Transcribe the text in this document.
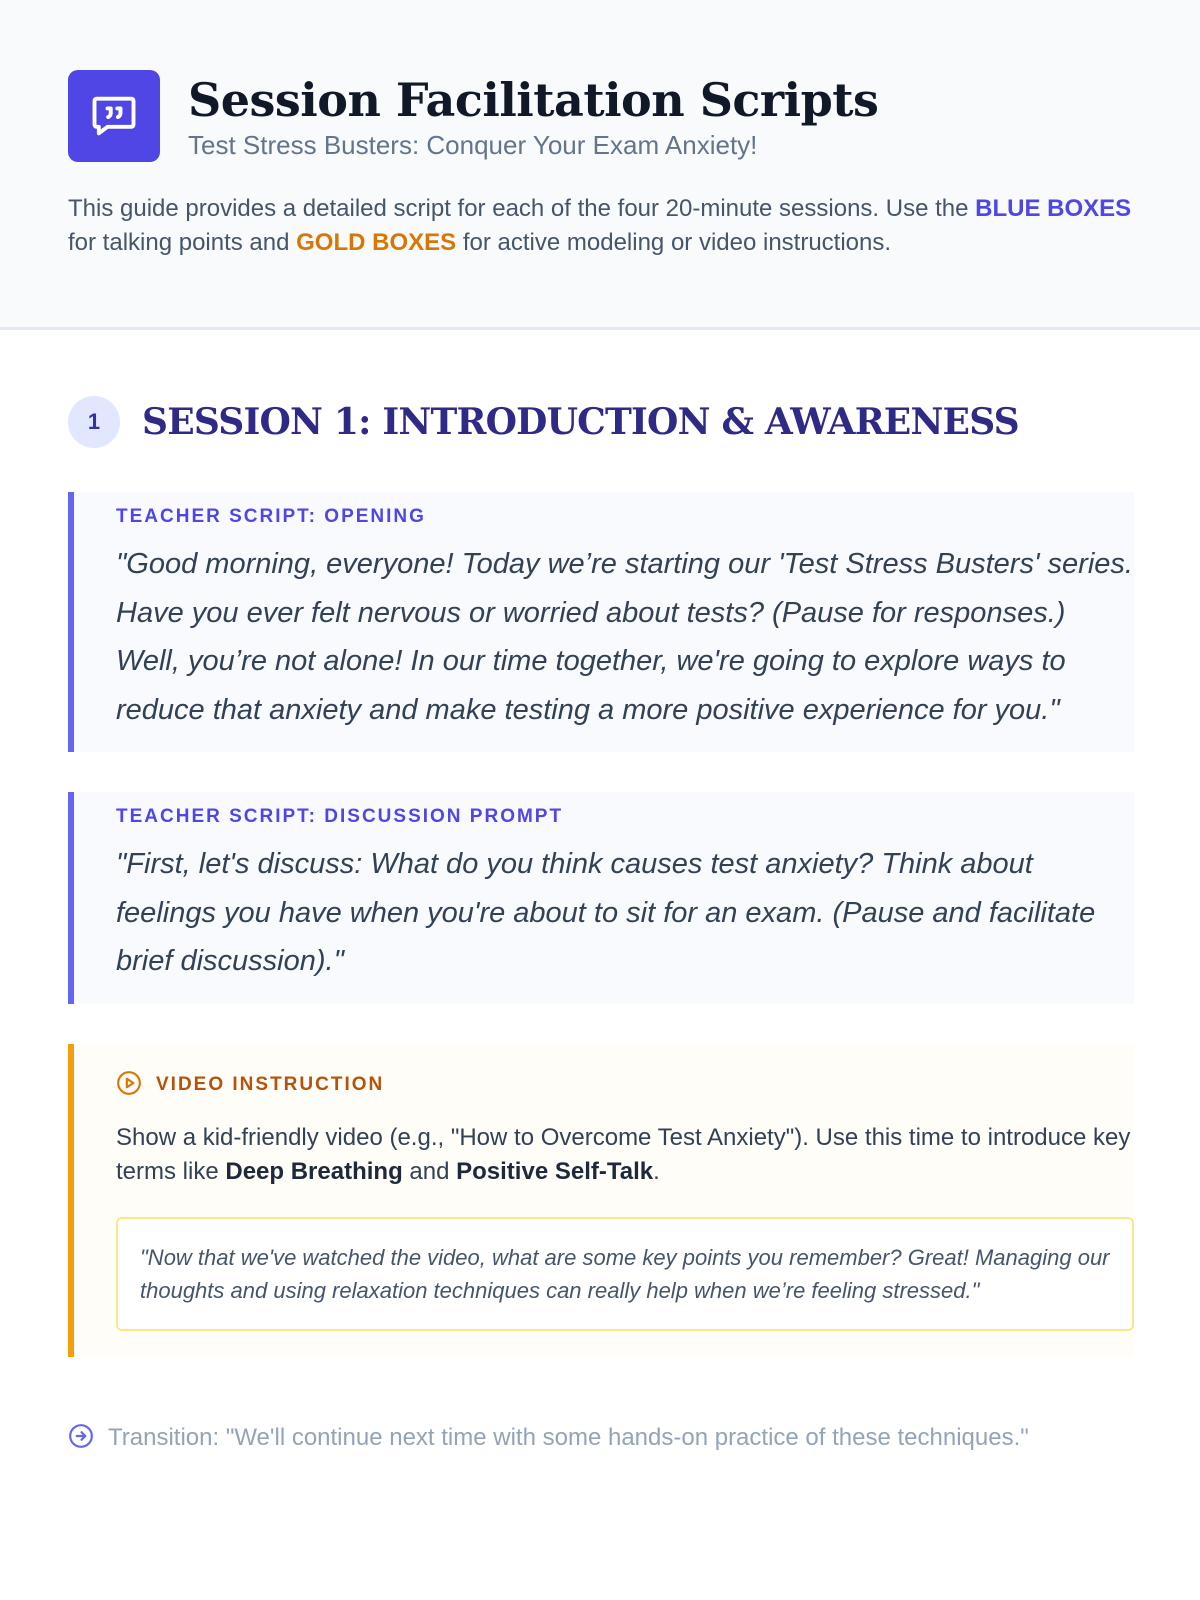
Session Facilitation Scripts
Test Stress Busters: Conquer Your Exam Anxiety!

This guide provides a detailed script for each of the four 20-minute sessions. Use the BLUE BOXES for talking points and GOLD BOXES for active modeling or video instructions.

1	SESSION 1: INTRODUCTION & AWARENESS
TEACHER SCRIPT: OPENING

"Good morning, everyone! Today we’re starting our 'Test Stress Busters' series. Have you ever felt nervous or worried about tests? (Pause for responses.) Well, you’re not alone! In our time together, we're going to explore ways to reduce that anxiety and make testing a more positive experience for you."

TEACHER SCRIPT: DISCUSSION PROMPT

"First, let's discuss: What do you think causes test anxiety? Think about feelings you have when you're about to sit for an exam. (Pause and facilitate brief discussion)."

VIDEO INSTRUCTION

Show a kid-friendly video (e.g., "How to Overcome Test Anxiety"). Use this time to introduce key terms like Deep Breathing and Positive Self-Talk.

"Now that we've watched the video, what are some key points you remember? Great! Managing our thoughts and using relaxation techniques can really help when we’re feeling stressed."
Transition: "We'll continue next time with some hands-on practice of these techniques."
